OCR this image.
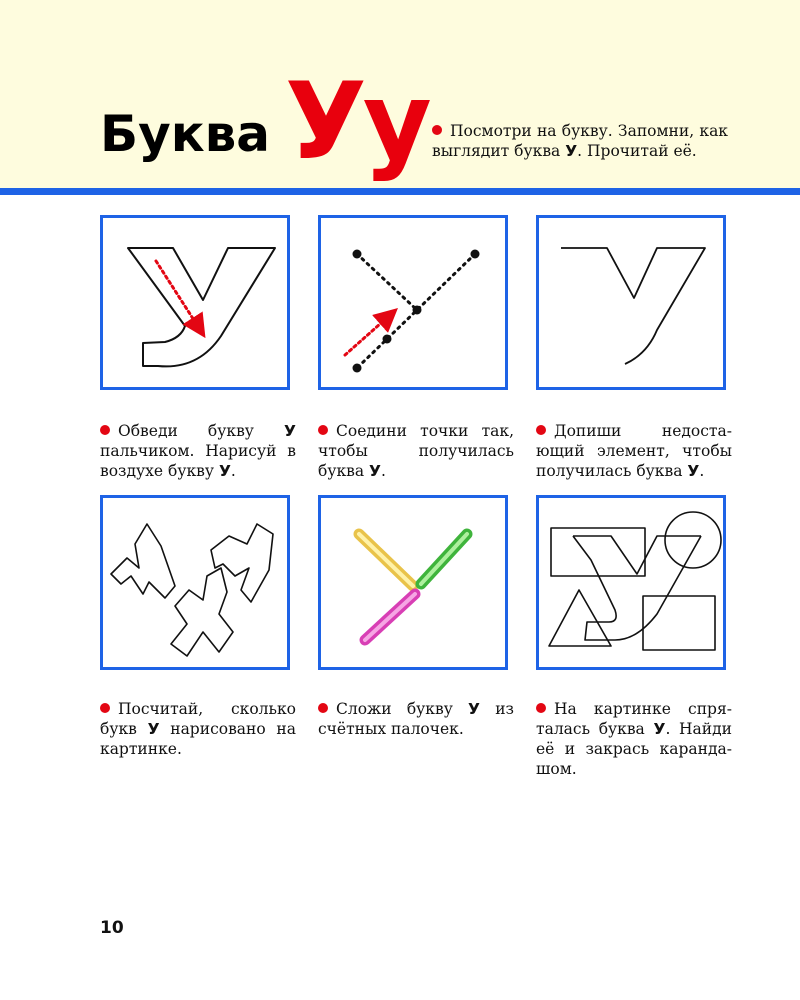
Буква Уу	Посмотри на букву. Запомни, как выглядит буква У. Прочитай её.
Обведи букву У пальчиком. Нарисуй в воздухе букву У.
Соедини точки так, чтобы получилась буква У.
Допиши недостающий элемент, чтобы получилась буква У.
Посчитай, сколько букв У нарисовано на картинке.
Сложи букву У из счётных палочек.
На картинке спряталась буква У. Найди её и закрась карандашом.
10
